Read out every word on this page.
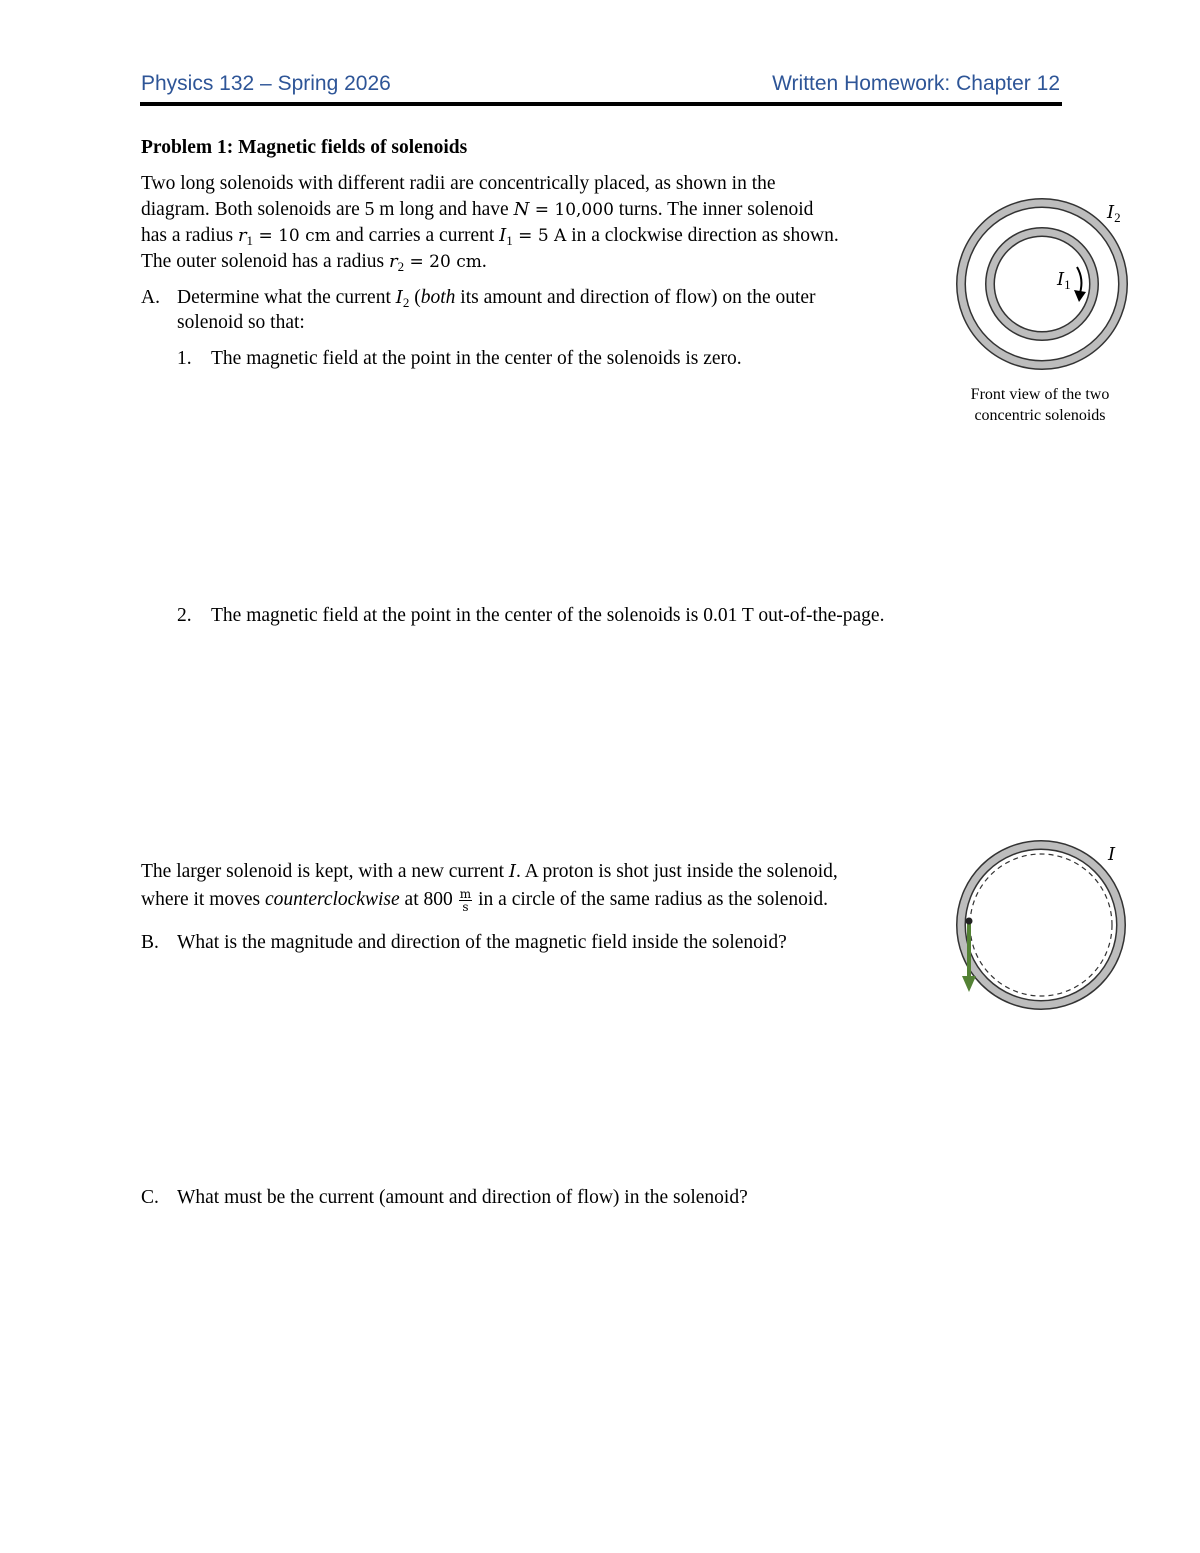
Physics 132 – Spring 2026	Written Homework: Chapter 12
Problem 1: Magnetic fields of solenoids
Two long solenoids with different radii are concentrically placed, as shown in the
diagram. Both solenoids are 5 m long and have N = 10,000 turns. The inner solenoid
has a radius $r_1 = 10$ cm and carries a current $I_1 = 5$ A in a clockwise direction as shown.
The outer solenoid has a radius $r_2 = 20$ cm.
A. Determine what the current $I_2$ (both its amount and direction of flow) on the outer
solenoid so that:
1. The magnetic field at the point in the center of the solenoids is zero.
2. The magnetic field at the point in the center of the solenoids is 0.01 T out-of-the-page.
$I_2$
$I_1$
Front view of the two
concentric solenoids
The larger solenoid is kept, with a new current I. A proton is shot just inside the solenoid,
where it moves counterclockwise at $800 \frac{m}{s}$ in a circle of the same radius as the solenoid.
I
B. What is the magnitude and direction of the magnetic field inside the solenoid?
C. What must be the current (amount and direction of flow) in the solenoid?
